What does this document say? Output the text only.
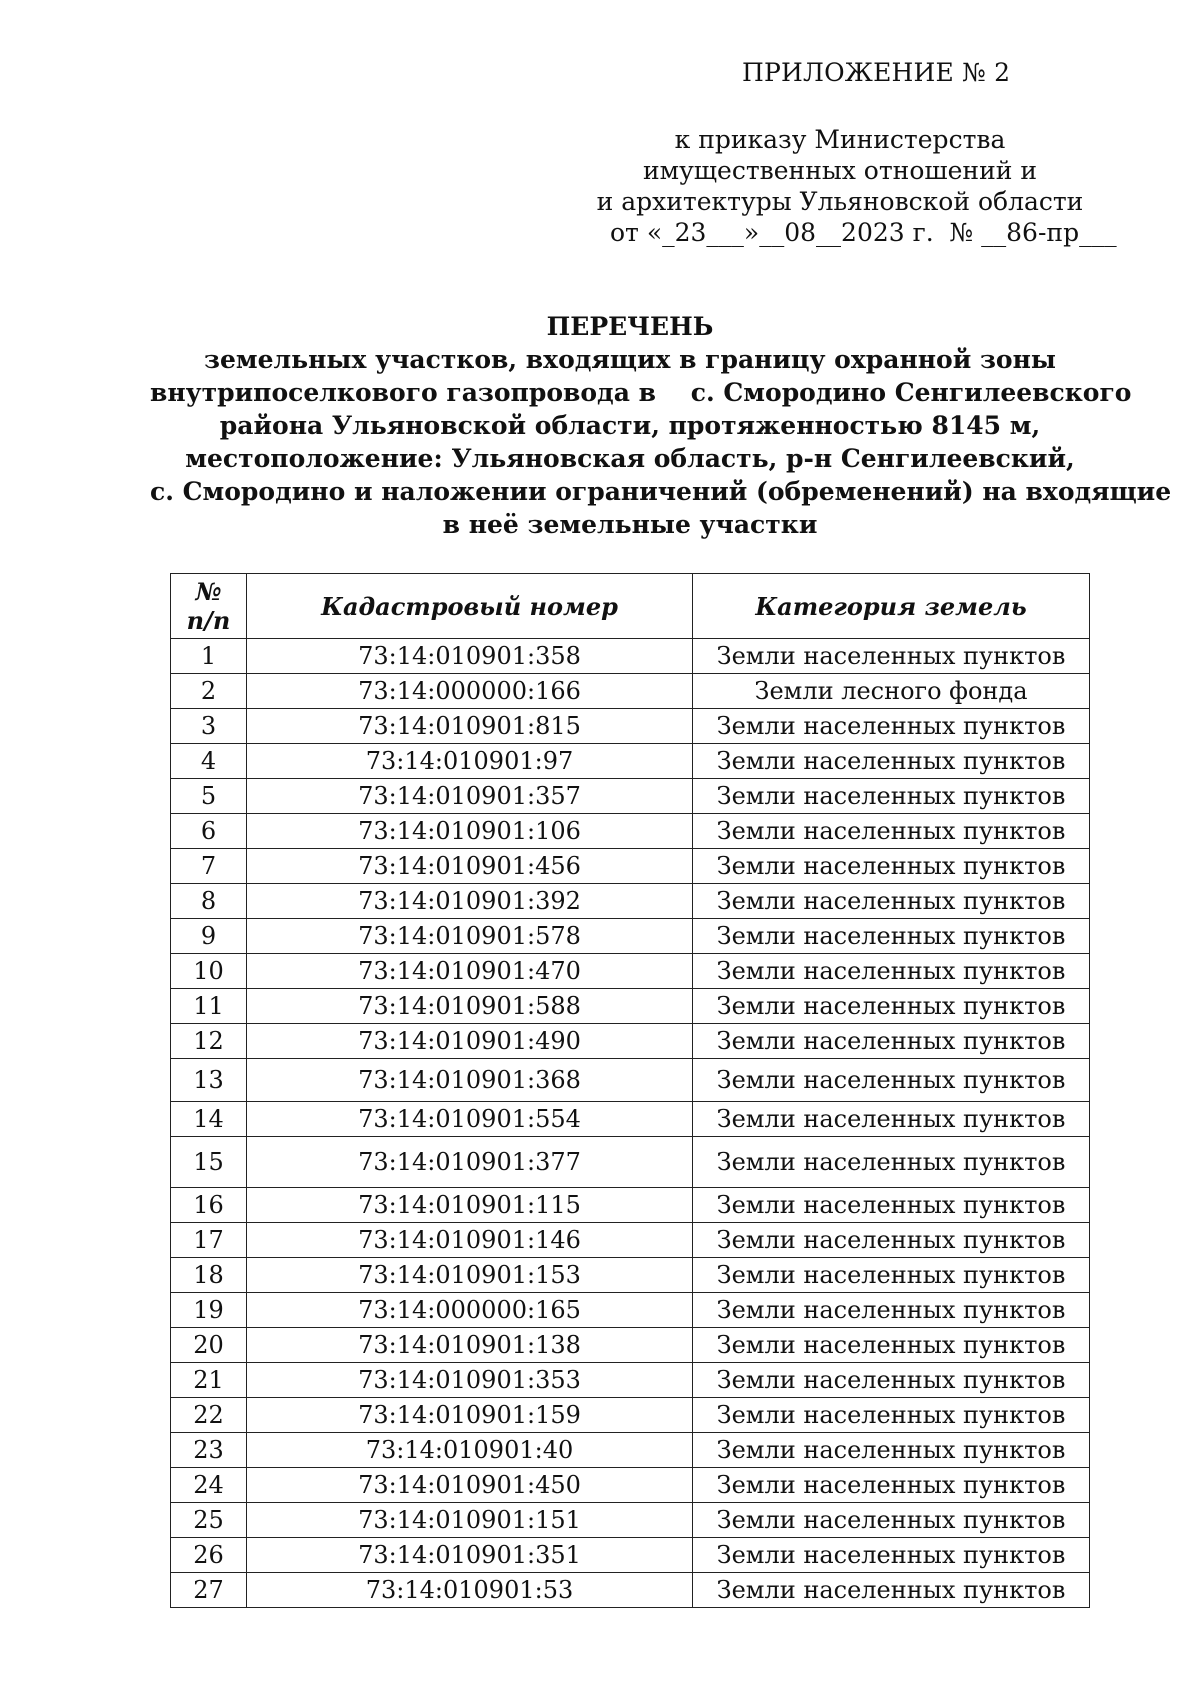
ПРИЛОЖЕНИЕ № 2
к приказу Министерства
имущественных отношений и
и архитектуры Ульяновской области
от «_23___»__08__2023 г.  № __86-пр___
ПЕРЕЧЕНЬ
земельных участков, входящих в границу охранной зоны
внутрипоселкового газопровода в    с. Смородино Сенгилеевского
района Ульяновской области, протяженностью 8145 м,
местоположение: Ульяновская область, р-н Сенгилеевский,
с. Смородино и наложении ограничений (обременений) на входящие
в неё земельные участки
№
п/п	Кадастровый номер	Категория земель
1	73:14:010901:358	Земли населенных пунктов
2	73:14:000000:166	Земли лесного фонда
3	73:14:010901:815	Земли населенных пунктов
4	73:14:010901:97	Земли населенных пунктов
5	73:14:010901:357	Земли населенных пунктов
6	73:14:010901:106	Земли населенных пунктов
7	73:14:010901:456	Земли населенных пунктов
8	73:14:010901:392	Земли населенных пунктов
9	73:14:010901:578	Земли населенных пунктов
10	73:14:010901:470	Земли населенных пунктов
11	73:14:010901:588	Земли населенных пунктов
12	73:14:010901:490	Земли населенных пунктов
13	73:14:010901:368	Земли населенных пунктов
14	73:14:010901:554	Земли населенных пунктов
15	73:14:010901:377	Земли населенных пунктов
16	73:14:010901:115	Земли населенных пунктов
17	73:14:010901:146	Земли населенных пунктов
18	73:14:010901:153	Земли населенных пунктов
19	73:14:000000:165	Земли населенных пунктов
20	73:14:010901:138	Земли населенных пунктов
21	73:14:010901:353	Земли населенных пунктов
22	73:14:010901:159	Земли населенных пунктов
23	73:14:010901:40	Земли населенных пунктов
24	73:14:010901:450	Земли населенных пунктов
25	73:14:010901:151	Земли населенных пунктов
26	73:14:010901:351	Земли населенных пунктов
27	73:14:010901:53	Земли населенных пунктов
